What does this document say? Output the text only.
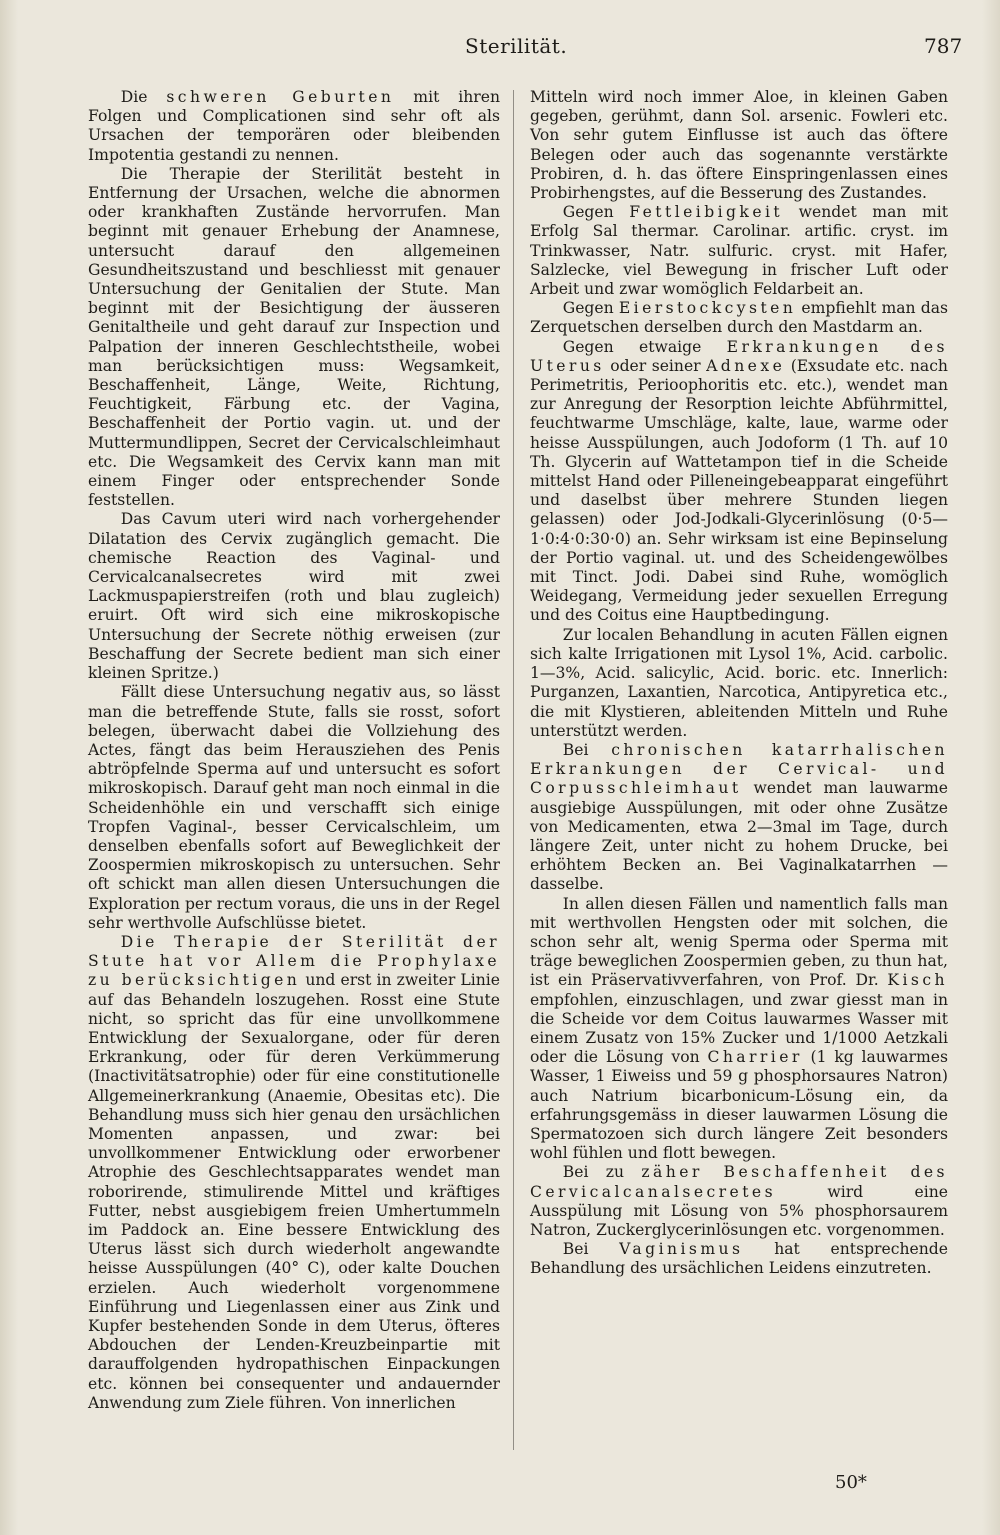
Sterilität.	787

Die schweren Geburten mit ihren Folgen und Complicationen sind sehr oft als Ursachen der temporären oder bleibenden Impotentia gestandi zu nennen.

Die Therapie der Sterilität besteht in Entfernung der Ursachen, welche die abnormen oder krankhaften Zustände hervorrufen. Man beginnt mit genauer Erhebung der Anamnese, untersucht darauf den allgemeinen Gesundheitszustand und beschliesst mit genauer Untersuchung der Genitalien der Stute. Man beginnt mit der Besichtigung der äusseren Genitaltheile und geht darauf zur Inspection und Palpation der inneren Geschlechtstheile, wobei man berücksichtigen muss: Wegsamkeit, Beschaffenheit, Länge, Weite, Richtung, Feuchtigkeit, Färbung etc. der Vagina, Beschaffenheit der Portio vagin. ut. und der Muttermundlippen, Secret der Cervicalschleimhaut etc. Die Wegsamkeit des Cervix kann man mit einem Finger oder entsprechender Sonde feststellen.

Das Cavum uteri wird nach vorhergehender Dilatation des Cervix zugänglich gemacht. Die chemische Reaction des Vaginal- und Cervicalcanalsecretes wird mit zwei Lackmuspapierstreifen (roth und blau zugleich) eruirt. Oft wird sich eine mikroskopische Untersuchung der Secrete nöthig erweisen (zur Beschaffung der Secrete bedient man sich einer kleinen Spritze.)

Fällt diese Untersuchung negativ aus, so lässt man die betreffende Stute, falls sie rosst, sofort belegen, überwacht dabei die Vollziehung des Actes, fängt das beim Herausziehen des Penis abtröpfelnde Sperma auf und untersucht es sofort mikroskopisch. Darauf geht man noch einmal in die Scheidenhöhle ein und verschafft sich einige Tropfen Vaginal-, besser Cervicalschleim, um denselben ebenfalls sofort auf Beweglichkeit der Zoospermien mikroskopisch zu untersuchen. Sehr oft schickt man allen diesen Untersuchungen die Exploration per rectum voraus, die uns in der Regel sehr werthvolle Aufschlüsse bietet.

Die Therapie der Sterilität der Stute hat vor Allem die Prophylaxe zu berücksichtigen und erst in zweiter Linie auf das Behandeln loszugehen. Rosst eine Stute nicht, so spricht das für eine unvollkommene Entwicklung der Sexualorgane, oder für deren Erkrankung, oder für deren Verkümmerung (Inactivitätsatrophie) oder für eine constitutionelle Allgemeinerkrankung (Anaemie, Obesitas etc). Die Behandlung muss sich hier genau den ursächlichen Momenten anpassen, und zwar: bei unvollkommener Entwicklung oder erworbener Atrophie des Geschlechtsapparates wendet man roborirende, stimulirende Mittel und kräftiges Futter, nebst ausgiebigem freien Umhertummeln im Paddock an. Eine bessere Entwicklung des Uterus lässt sich durch wiederholt angewandte heisse Ausspülungen (40° C), oder kalte Douchen erzielen. Auch wiederholt vorgenommene Einführung und Liegenlassen einer aus Zink und Kupfer bestehenden Sonde in dem Uterus, öfteres Abdouchen der Lenden-Kreuzbeinpartie mit darauffolgenden hydropathischen Einpackungen etc. können bei consequenter und andauernder Anwendung zum Ziele führen. Von innerlichen

Mitteln wird noch immer Aloe, in kleinen Gaben gegeben, gerühmt, dann Sol. arsenic. Fowleri etc. Von sehr gutem Einflusse ist auch das öftere Belegen oder auch das sogenannte verstärkte Probiren, d. h. das öftere Einspringenlassen eines Probirhengstes, auf die Besserung des Zustandes.

Gegen Fettleibigkeit wendet man mit Erfolg Sal thermar. Carolinar. artific. cryst. im Trinkwasser, Natr. sulfuric. cryst. mit Hafer, Salzlecke, viel Bewegung in frischer Luft oder Arbeit und zwar womöglich Feldarbeit an.

Gegen Eierstockcysten empfiehlt man das Zerquetschen derselben durch den Mastdarm an.

Gegen etwaige Erkrankungen des Uterus oder seiner Adnexe (Exsudate etc. nach Perimetritis, Perioophoritis etc. etc.), wendet man zur Anregung der Resorption leichte Abführmittel, feuchtwarme Umschläge, kalte, laue, warme oder heisse Ausspülungen, auch Jodoform (1 Th. auf 10 Th. Glycerin auf Wattetampon tief in die Scheide mittelst Hand oder Pilleneingebeapparat eingeführt und daselbst über mehrere Stunden liegen gelassen) oder Jod-Jodkali-Glycerinlösung (0·5—1·0:4·0:30·0) an. Sehr wirksam ist eine Bepinselung der Portio vaginal. ut. und des Scheidengewölbes mit Tinct. Jodi. Dabei sind Ruhe, womöglich Weidegang, Vermeidung jeder sexuellen Erregung und des Coitus eine Hauptbedingung.

Zur localen Behandlung in acuten Fällen eignen sich kalte Irrigationen mit Lysol 1%, Acid. carbolic. 1—3%, Acid. salicylic, Acid. boric. etc. Innerlich: Purganzen, Laxantien, Narcotica, Antipyretica etc., die mit Klystieren, ableitenden Mitteln und Ruhe unterstützt werden.

Bei chronischen katarrhalischen Erkrankungen der Cervical- und Corpusschleimhaut wendet man lauwarme ausgiebige Ausspülungen, mit oder ohne Zusätze von Medicamenten, etwa 2—3mal im Tage, durch längere Zeit, unter nicht zu hohem Drucke, bei erhöhtem Becken an. Bei Vaginalkatarrhen — dasselbe.

In allen diesen Fällen und namentlich falls man mit werthvollen Hengsten oder mit solchen, die schon sehr alt, wenig Sperma oder Sperma mit träge beweglichen Zoospermien geben, zu thun hat, ist ein Präservativverfahren, von Prof. Dr. Kisch empfohlen, einzuschlagen, und zwar giesst man in die Scheide vor dem Coitus lauwarmes Wasser mit einem Zusatz von 15% Zucker und 1/1000 Aetzkali oder die Lösung von Charrier (1 kg lauwarmes Wasser, 1 Eiweiss und 59 g phosphorsaures Natron) auch Natrium bicarbonicum-Lösung ein, da erfahrungsgemäss in dieser lauwarmen Lösung die Spermatozoen sich durch längere Zeit besonders wohl fühlen und flott bewegen.

Bei zu zäher Beschaffenheit des Cervicalcanalsecretes wird eine Ausspülung mit Lösung von 5% phosphorsaurem Natron, Zuckerglycerinlösungen etc. vorgenommen.

Bei Vaginismus hat entsprechende Behandlung des ursächlichen Leidens einzutreten.

50*
